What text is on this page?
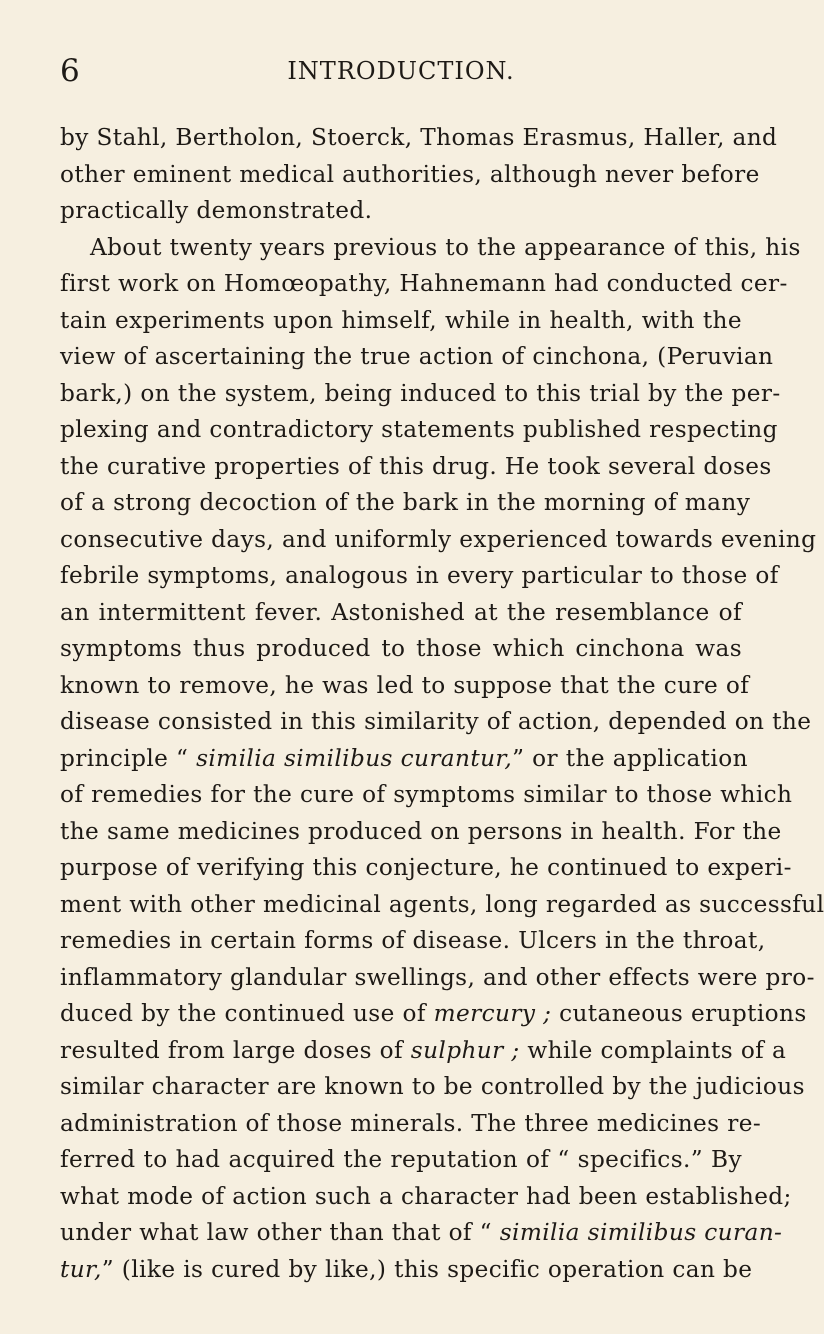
6	INTRODUCTION.
by Stahl, Bertholon, Stoerck, Thomas Erasmus, Haller, and
other eminent medical authorities, although never before
practically demonstrated.
About twenty years previous to the appearance of this, his
first work on Homœopathy, Hahnemann had conducted cer-
tain experiments upon himself, while in health, with the
view of ascertaining the true action of cinchona, (Peruvian
bark,) on the system, being induced to this trial by the per-
plexing and contradictory statements published respecting
the curative properties of this drug. He took several doses
of a strong decoction of the bark in the morning of many
consecutive days, and uniformly experienced towards evening
febrile symptoms, analogous in every particular to those of
an intermittent fever. Astonished at the resemblance of
symptoms thus produced to those which cinchona was
known to remove, he was led to suppose that the cure of
disease consisted in this similarity of action, depended on the
principle “ similia similibus curantur,” or the application
of remedies for the cure of symptoms similar to those which
the same medicines produced on persons in health. For the
purpose of verifying this conjecture, he continued to experi-
ment with other medicinal agents, long regarded as successful
remedies in certain forms of disease. Ulcers in the throat,
inflammatory glandular swellings, and other effects were pro-
duced by the continued use of mercury ; cutaneous eruptions
resulted from large doses of sulphur ; while complaints of a
similar character are known to be controlled by the judicious
administration of those minerals. The three medicines re-
ferred to had acquired the reputation of “ specifics.” By
what mode of action such a character had been established;
under what law other than that of “ similia similibus curan-
tur,” (like is cured by like,) this specific operation can be
